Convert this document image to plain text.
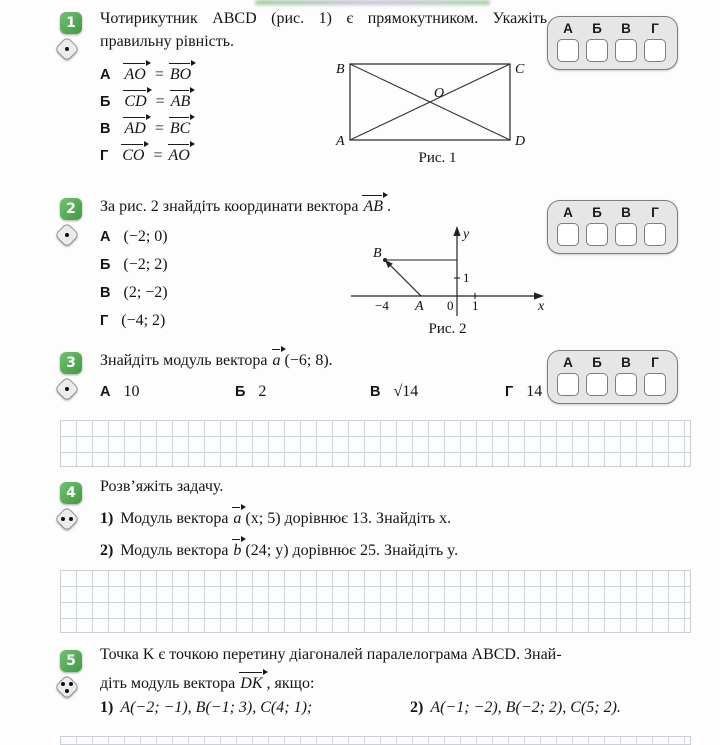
1	Чотирикутник ABCD (рис. 1) є прямокутником. Укажіть правильну рівність.
А AO = BO
Б CD = AB
В AD = BC
Г CO = AO
B	C
A	D
O
Рис. 1
А	Б	В	Г
2	За рис. 2 знайдіть координати вектора AB .
А (−2; 0)
Б (−2; 2)
В (2; −2)
Г (−4; 2)
B
A
−4	0 1
1
y
x
Рис. 2
А	Б	В	Г
3	Знайдіть модуль вектора a (−6; 8).
А 10	Б 2	В √14	Г 14
А	Б	В	Г
4	Розв’яжіть задачу.
1) Модуль вектора a (x; 5) дорівнює 13. Знайдіть x.
2) Модуль вектора b (24; y) дорівнює 25. Знайдіть y.
5	Точка K є точкою перетину діагоналей паралелограма ABCD. Знай-
діть модуль вектора DK , якщо:
1) A(−2; −1), B(−1; 3), C(4; 1);	2) A(−1; −2), B(−2; 2), C(5; 2).
